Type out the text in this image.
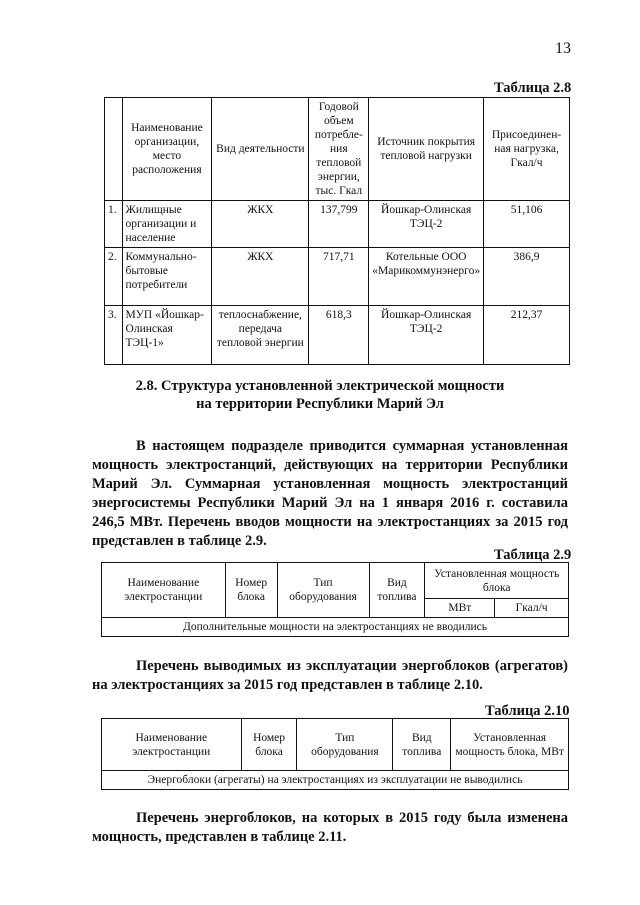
13
Таблица 2.8
	Наименование организации, место расположения	Вид деятельности	Годовой объем потребле-ния тепловой энергии, тыс. Гкал	Источник покрытия тепловой нагрузки	Присоединен-ная нагрузка, Гкал/ч
1.	Жилищные организации и население	ЖКХ	137,799	Йошкар-Олинская ТЭЦ-2	51,106
2.	Коммунально-бытовые потребители	ЖКХ	717,71	Котельные ООО «Марикоммунэнерго»	386,9
3.	МУП «Йошкар-Олинская ТЭЦ-1»	теплоснабжение, передача тепловой энергии	618,3	Йошкар-Олинская ТЭЦ-2	212,37
2.8. Структура установленной электрической мощности
на территории Республики Марий Эл
В настоящем подразделе приводится суммарная установленная мощность электростанций, действующих на территории Республики Марий Эл. Суммарная установленная мощность электростанций энергосистемы Республики Марий Эл на 1 января 2016 г. составила 246,5 МВт. Перечень вводов мощности на электростанциях за 2015 год представлен в таблице 2.9.
Таблица 2.9
Наименование электростанции	Номер блока	Тип оборудования	Вид топлива	Установленная мощность блока	
				МВт	Гкал/ч
Дополнительные мощности на электростанциях не вводились					
Перечень выводимых из эксплуатации энергоблоков (агрегатов) на электростанциях за 2015 год представлен в таблице 2.10.
Таблица 2.10
Наименование электростанции	Номер блока	Тип оборудования	Вид топлива	Установленная мощность блока, МВт
Энергоблоки (агрегаты) на электростанциях из эксплуатации не выводились
Перечень энергоблоков, на которых в 2015 году была изменена мощность, представлен в таблице 2.11.
